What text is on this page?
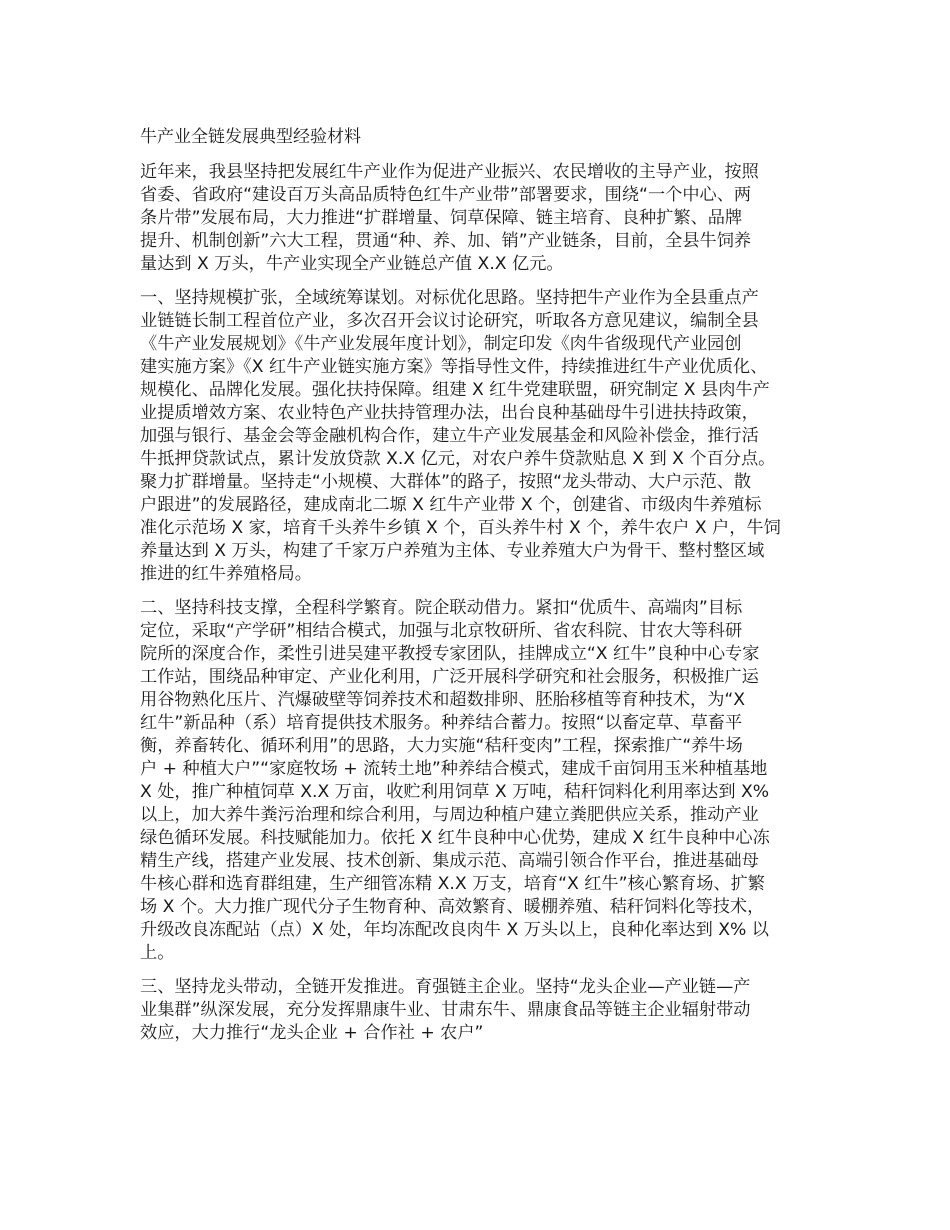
牛产业全链发展典型经验材料
近年来，我县坚持把发展红牛产业作为促进产业振兴、农民增收的主导产业，按照
省委、省政府“建设百万头高品质特色红牛产业带”部署要求，围绕“一个中心、两
条片带”发展布局，大力推进“扩群增量、饲草保障、链主培育、良种扩繁、品牌
提升、机制创新”六大工程，贯通“种、养、加、销”产业链条，目前，全县牛饲养
量达到 X 万头，牛产业实现全产业链总产值 X.X 亿元。
一、坚持规模扩张，全域统筹谋划。对标优化思路。坚持把牛产业作为全县重点产
业链链长制工程首位产业，多次召开会议讨论研究，听取各方意见建议，编制全县
《牛产业发展规划》《牛产业发展年度计划》，制定印发《肉牛省级现代产业园创
建实施方案》《X 红牛产业链实施方案》等指导性文件，持续推进红牛产业优质化、
规模化、品牌化发展。强化扶持保障。组建 X 红牛党建联盟，研究制定 X 县肉牛产
业提质增效方案、农业特色产业扶持管理办法，出台良种基础母牛引进扶持政策，
加强与银行、基金会等金融机构合作，建立牛产业发展基金和风险补偿金，推行活
牛抵押贷款试点，累计发放贷款 X.X 亿元，对农户养牛贷款贴息 X 到 X 个百分点。
聚力扩群增量。坚持走“小规模、大群体”的路子，按照“龙头带动、大户示范、散
户跟进”的发展路径，建成南北二塬 X 红牛产业带 X 个，创建省、市级肉牛养殖标
准化示范场 X 家，培育千头养牛乡镇 X 个，百头养牛村 X 个，养牛农户 X 户，牛饲
养量达到 X 万头，构建了千家万户养殖为主体、专业养殖大户为骨干、整村整区域
推进的红牛养殖格局。
二、坚持科技支撑，全程科学繁育。院企联动借力。紧扣“优质牛、高端肉”目标
定位，采取“产学研”相结合模式，加强与北京牧研所、省农科院、甘农大等科研
院所的深度合作，柔性引进吴建平教授专家团队，挂牌成立“X 红牛”良种中心专家
工作站，围绕品种审定、产业化利用，广泛开展科学研究和社会服务，积极推广运
用谷物熟化压片、汽爆破壁等饲养技术和超数排卵、胚胎移植等育种技术，为“X
红牛”新品种（系）培育提供技术服务。种养结合蓄力。按照“以畜定草、草畜平
衡，养畜转化、循环利用”的思路，大力实施“秸秆变肉”工程，探索推广“养牛场
户 + 种植大户”“家庭牧场 + 流转土地”种养结合模式，建成千亩饲用玉米种植基地
X 处，推广种植饲草 X.X 万亩，收贮利用饲草 X 万吨，秸秆饲料化利用率达到 X%
以上，加大养牛粪污治理和综合利用，与周边种植户建立粪肥供应关系，推动产业
绿色循环发展。科技赋能加力。依托 X 红牛良种中心优势，建成 X 红牛良种中心冻
精生产线，搭建产业发展、技术创新、集成示范、高端引领合作平台，推进基础母
牛核心群和选育群组建，生产细管冻精 X.X 万支，培育“X 红牛”核心繁育场、扩繁
场 X 个。大力推广现代分子生物育种、高效繁育、暖棚养殖、秸秆饲料化等技术，
升级改良冻配站（点）X 处，年均冻配改良肉牛 X 万头以上，良种化率达到 X% 以
上。
三、坚持龙头带动，全链开发推进。育强链主企业。坚持“龙头企业—产业链—产
业集群”纵深发展，充分发挥鼎康牛业、甘肃东牛、鼎康食品等链主企业辐射带动
效应，大力推行“龙头企业 + 合作社 + 农户”
